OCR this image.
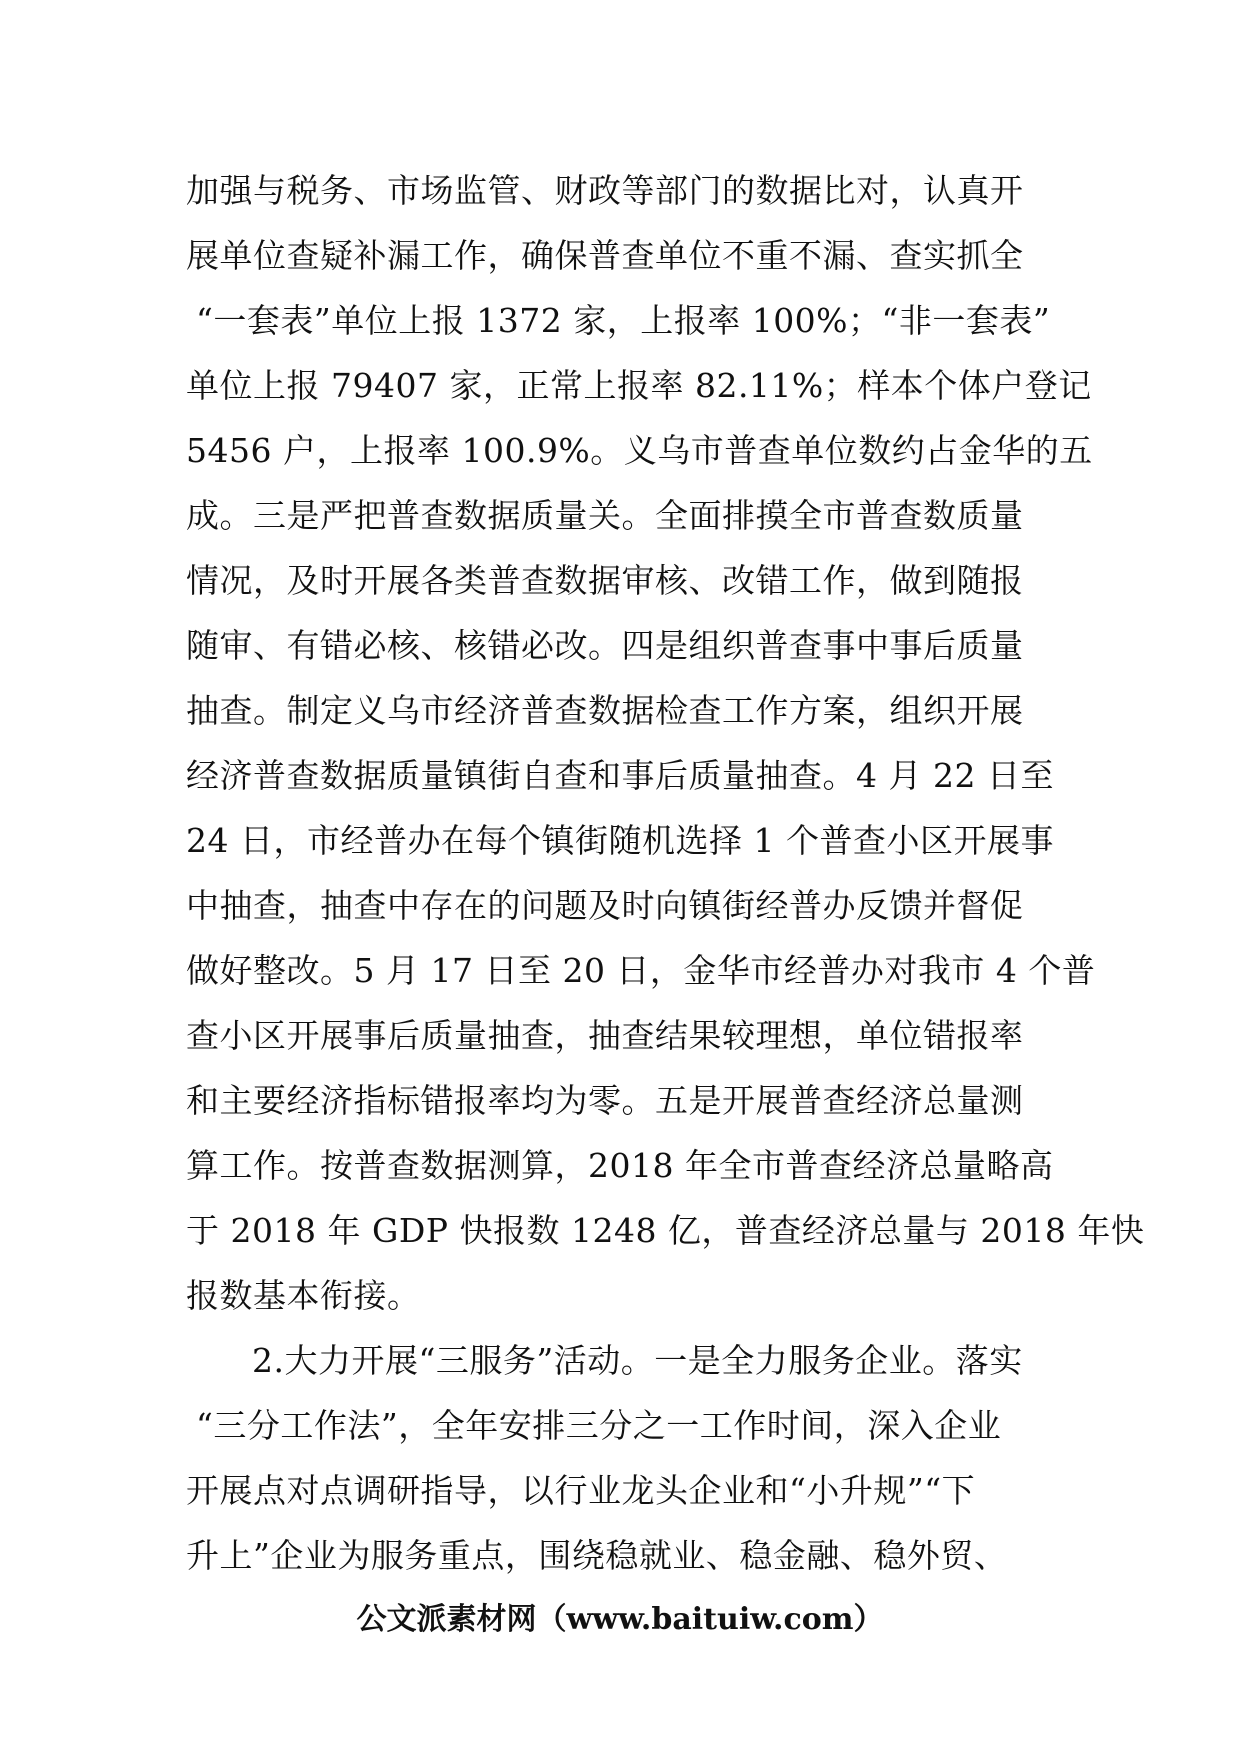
加强与税务、市场监管、财政等部门的数据比对，认真开
展单位查疑补漏工作，确保普查单位不重不漏、查实抓全
“一套表”单位上报 1372 家，上报率 100%；“非一套表”
单位上报 79407 家，正常上报率 82.11%；样本个体户登记
5456 户，上报率 100.9%。义乌市普查单位数约占金华的五
成。三是严把普查数据质量关。全面排摸全市普查数质量
情况，及时开展各类普查数据审核、改错工作，做到随报
随审、有错必核、核错必改。四是组织普查事中事后质量
抽查。制定义乌市经济普查数据检查工作方案，组织开展
经济普查数据质量镇街自查和事后质量抽查。4 月 22 日至
24 日，市经普办在每个镇街随机选择 1 个普查小区开展事
中抽查，抽查中存在的问题及时向镇街经普办反馈并督促
做好整改。5 月 17 日至 20 日，金华市经普办对我市 4 个普
查小区开展事后质量抽查，抽查结果较理想，单位错报率
和主要经济指标错报率均为零。五是开展普查经济总量测
算工作。按普查数据测算，2018 年全市普查经济总量略高
于 2018 年 GDP 快报数 1248 亿，普查经济总量与 2018 年快
报数基本衔接。
2.大力开展“三服务”活动。一是全力服务企业。落实
“三分工作法”，全年安排三分之一工作时间，深入企业
开展点对点调研指导，以行业龙头企业和“小升规”“下
升上”企业为服务重点，围绕稳就业、稳金融、稳外贸、
公文派素材网（www.baituiw.com）
